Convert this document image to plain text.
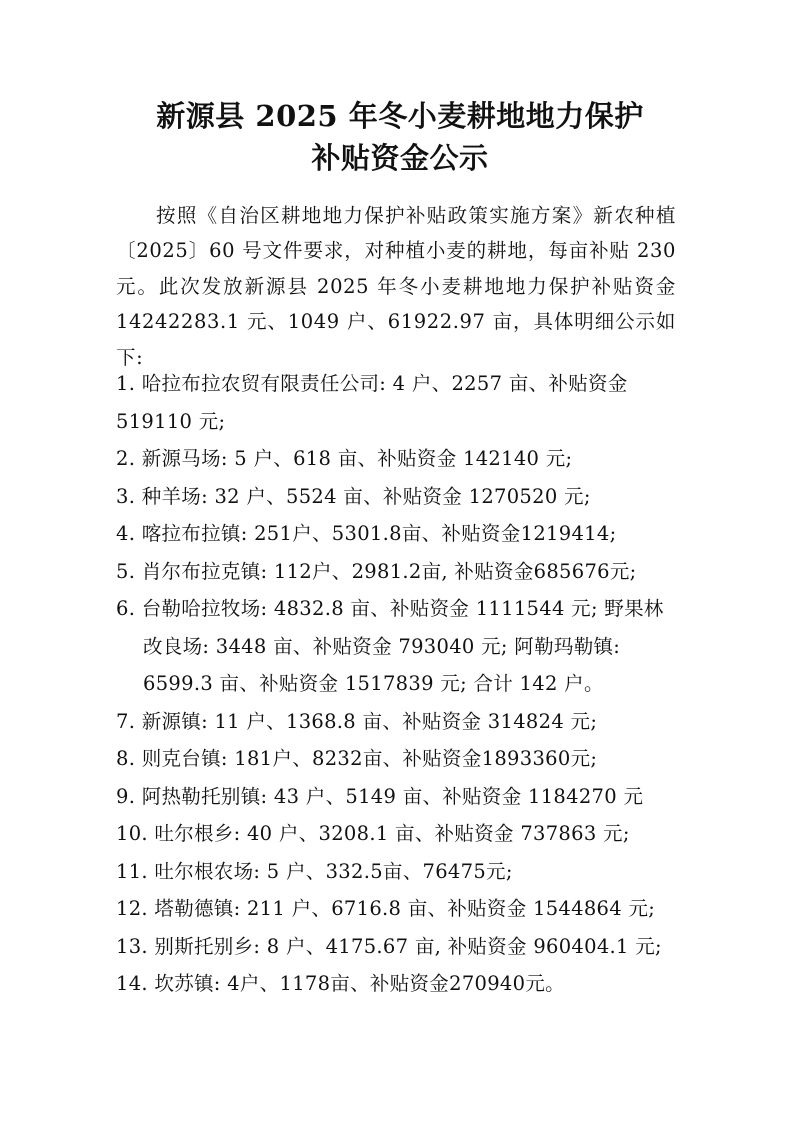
新源县 2025 年冬小麦耕地地力保护
补贴资金公示

按照《自治区耕地地力保护补贴政策实施方案》新农种植〔2025〕60 号文件要求，对种植小麦的耕地，每亩补贴 230 元。此次发放新源县 2025 年冬小麦耕地地力保护补贴资金 14242283.1 元、1049 户、61922.97 亩，具体明细公示如下:

1. 哈拉布拉农贸有限责任公司: 4 户、2257 亩、补贴资金 519110 元;
2. 新源马场: 5 户、618 亩、补贴资金 142140 元;
3. 种羊场: 32 户、5524 亩、补贴资金 1270520 元;
4. 喀拉布拉镇: 251户、5301.8亩、补贴资金1219414;
5. 肖尔布拉克镇: 112户、2981.2亩, 补贴资金685676元;
6. 台勒哈拉牧场: 4832.8 亩、补贴资金 1111544 元; 野果林改良场: 3448 亩、补贴资金 793040 元; 阿勒玛勒镇: 6599.3 亩、补贴资金 1517839 元; 合计 142 户。
7. 新源镇: 11 户、1368.8 亩、补贴资金 314824 元;
8. 则克台镇: 181户、8232亩、补贴资金1893360元;
9. 阿热勒托别镇: 43 户、5149 亩、补贴资金 1184270 元
10. 吐尔根乡: 40 户、3208.1 亩、补贴资金 737863 元;
11. 吐尔根农场: 5 户、332.5亩、76475元;
12. 塔勒德镇: 211 户、6716.8 亩、补贴资金 1544864 元;
13. 别斯托别乡: 8 户、4175.67 亩, 补贴资金 960404.1 元;
14. 坎苏镇: 4户、1178亩、补贴资金270940元。
